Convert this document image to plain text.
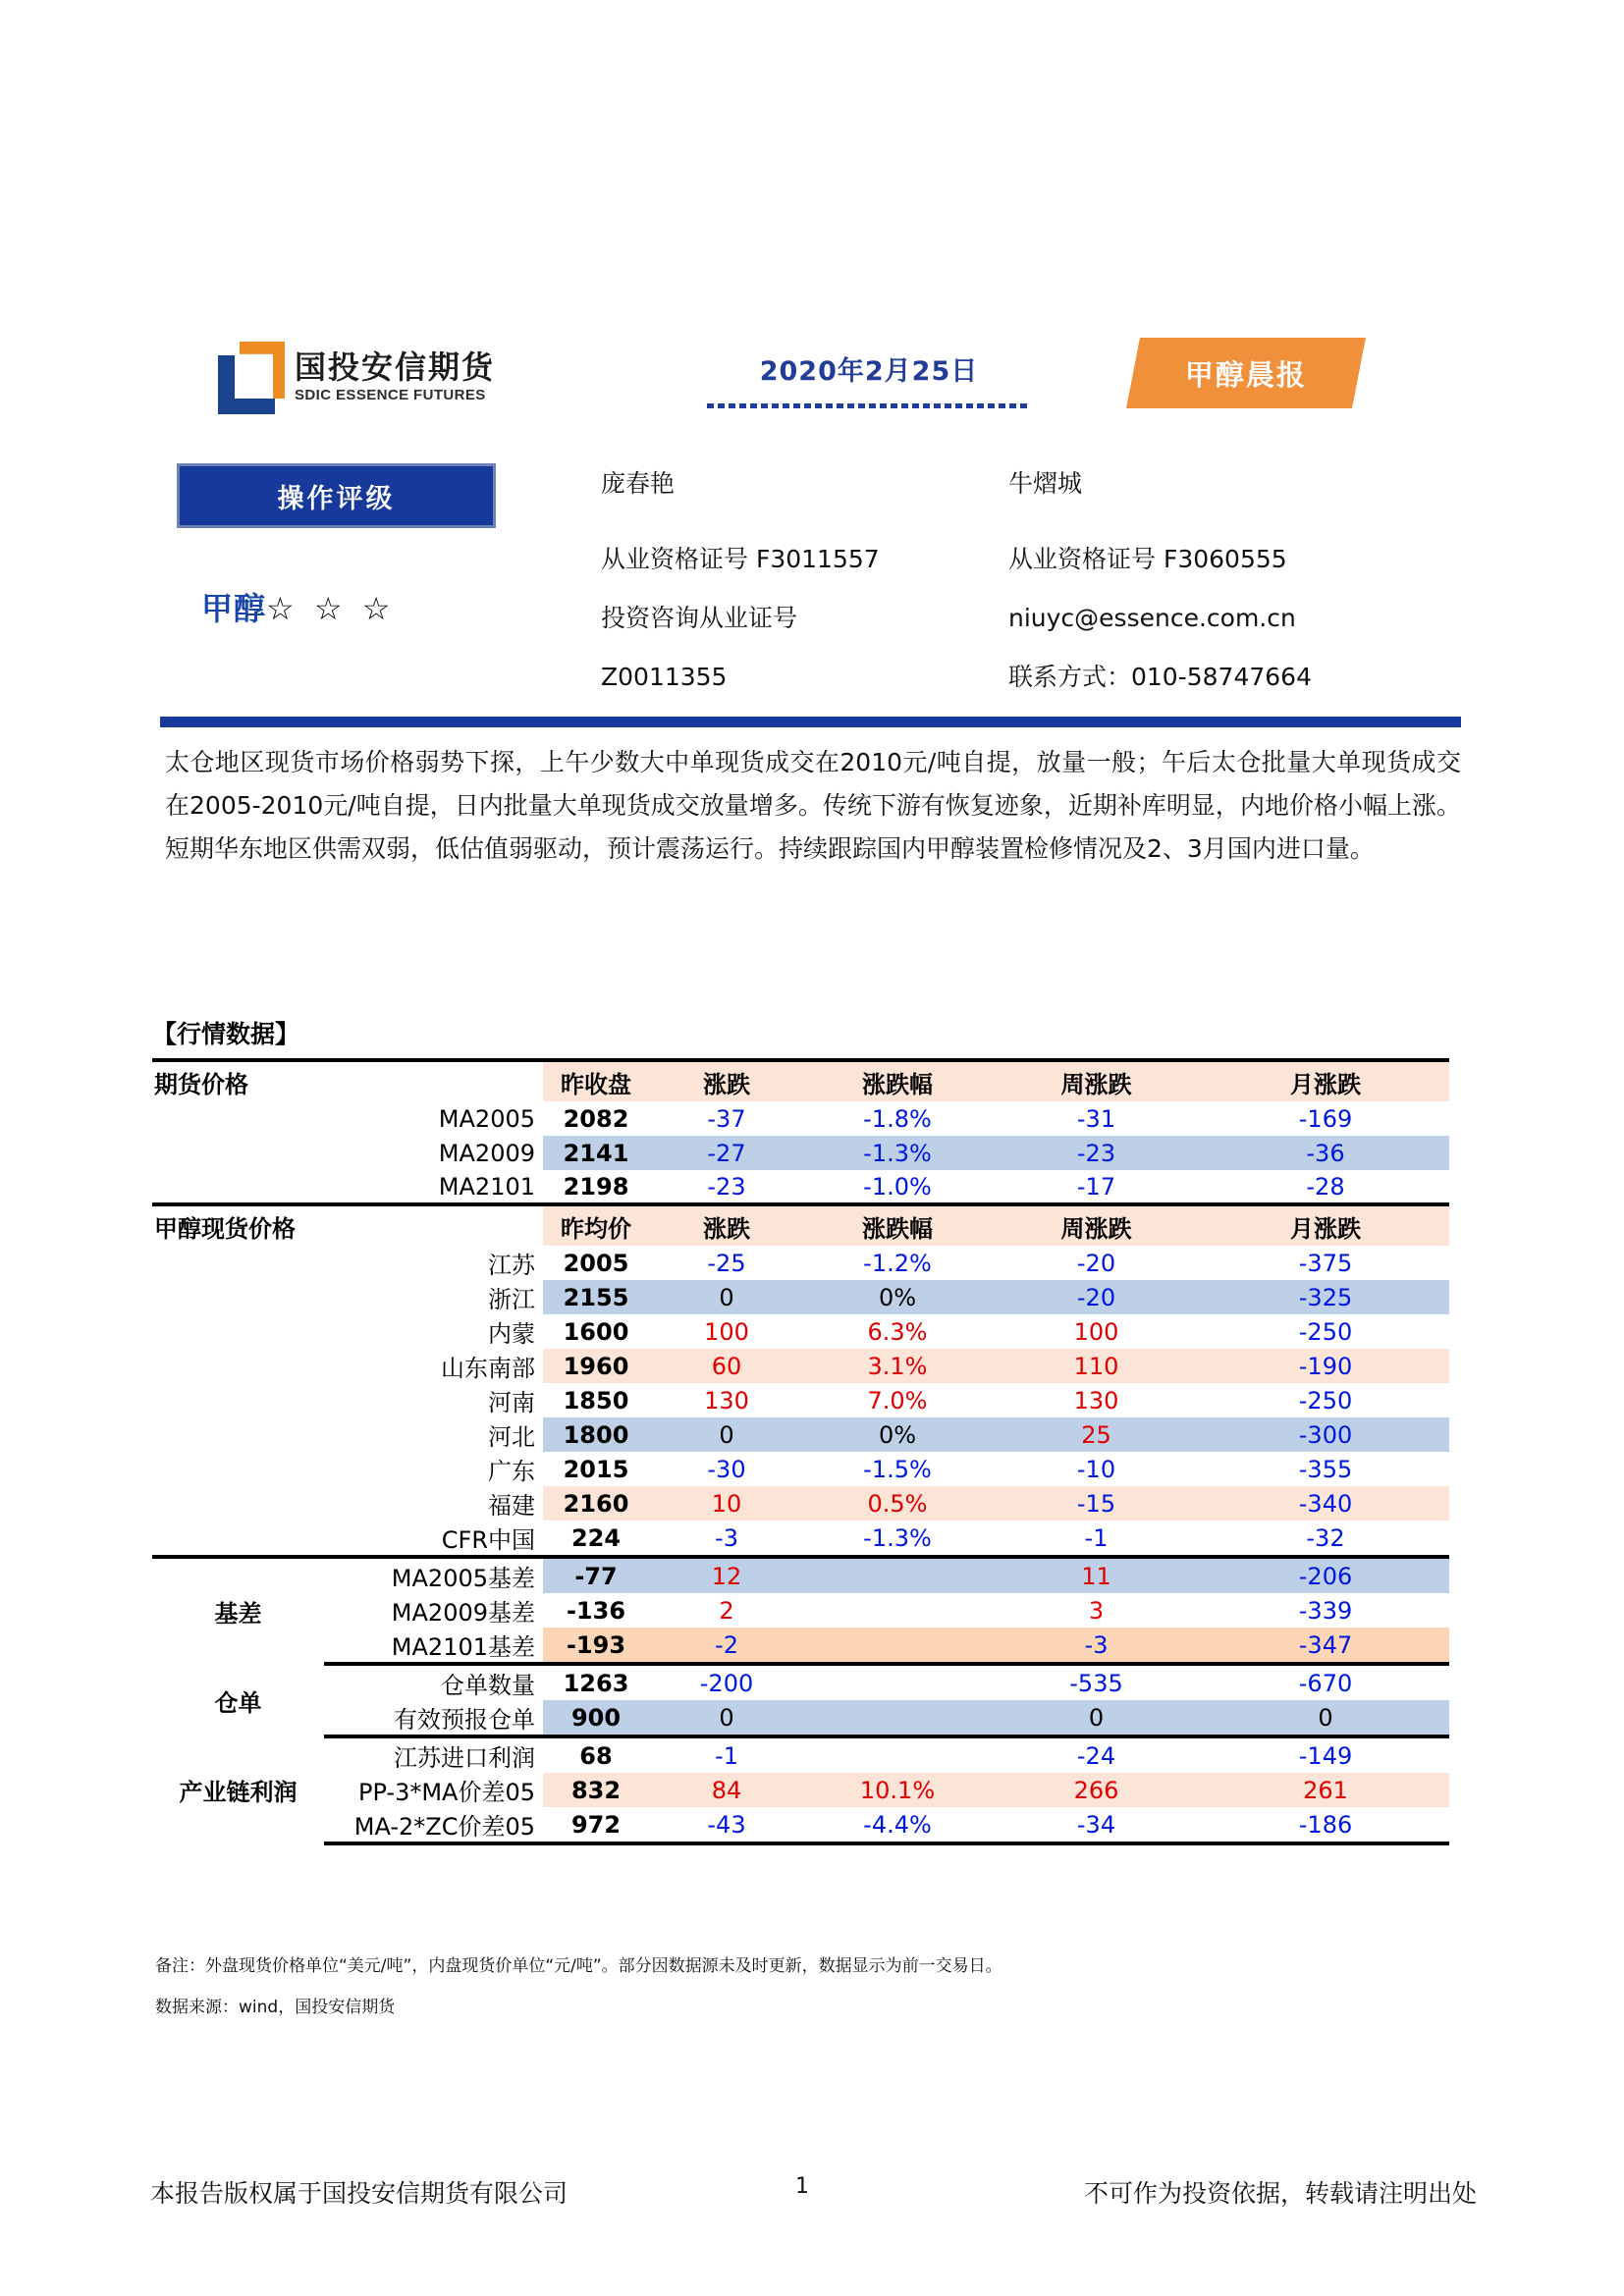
国投安信期货
SDIC ESSENCE FUTURES
2020年2月25日	甲醇晨报
操作评级
甲醇☆ ☆ ☆
庞春艳
从业资格证号 F3011557
投资咨询从业证号
Z0011355
牛熠城
从业资格证号 F3060555
niuyc@essence.com.cn
联系方式：010-58747664
太仓地区现货市场价格弱势下探，上午少数大中单现货成交在2010元/吨自提，放量一般；午后太仓批量大单现货成交在2005-2010元/吨自提，日内批量大单现货成交放量增多。传统下游有恢复迹象，近期补库明显，内地价格小幅上涨。短期华东地区供需双弱，低估值弱驱动，预计震荡运行。持续跟踪国内甲醇装置检修情况及2、3月国内进口量。
【行情数据】
期货价格		昨收盘	涨跌	涨跌幅	周涨跌	月涨跌
	MA2005	2082	-37	-1.8%	-31	-169
	MA2009	2141	-27	-1.3%	-23	-36
	MA2101	2198	-23	-1.0%	-17	-28
甲醇现货价格		昨均价	涨跌	涨跌幅	周涨跌	月涨跌
	江苏	2005	-25	-1.2%	-20	-375
	浙江	2155	0	0%	-20	-325
	内蒙	1600	100	6.3%	100	-250
	山东南部	1960	60	3.1%	110	-190
	河南	1850	130	7.0%	130	-250
	河北	1800	0	0%	25	-300
	广东	2015	-30	-1.5%	-10	-355
	福建	2160	10	0.5%	-15	-340
	CFR中国	224	-3	-1.3%	-1	-32
基差	MA2005基差	-77	12		11	-206
	MA2009基差	-136	2		3	-339
	MA2101基差	-193	-2		-3	-347
仓单	仓单数量	1263	-200		-535	-670
	有效预报仓单	900	0		0	0
产业链利润	江苏进口利润	68	-1		-24	-149
	PP-3*MA价差05	832	84	10.1%	266	261
	MA-2*ZC价差05	972	-43	-4.4%	-34	-186
备注：外盘现货价格单位“美元/吨”，内盘现货价单位“元/吨”。部分因数据源未及时更新，数据显示为前一交易日。
数据来源：wind，国投安信期货
本报告版权属于国投安信期货有限公司	1	不可作为投资依据，转载请注明出处
